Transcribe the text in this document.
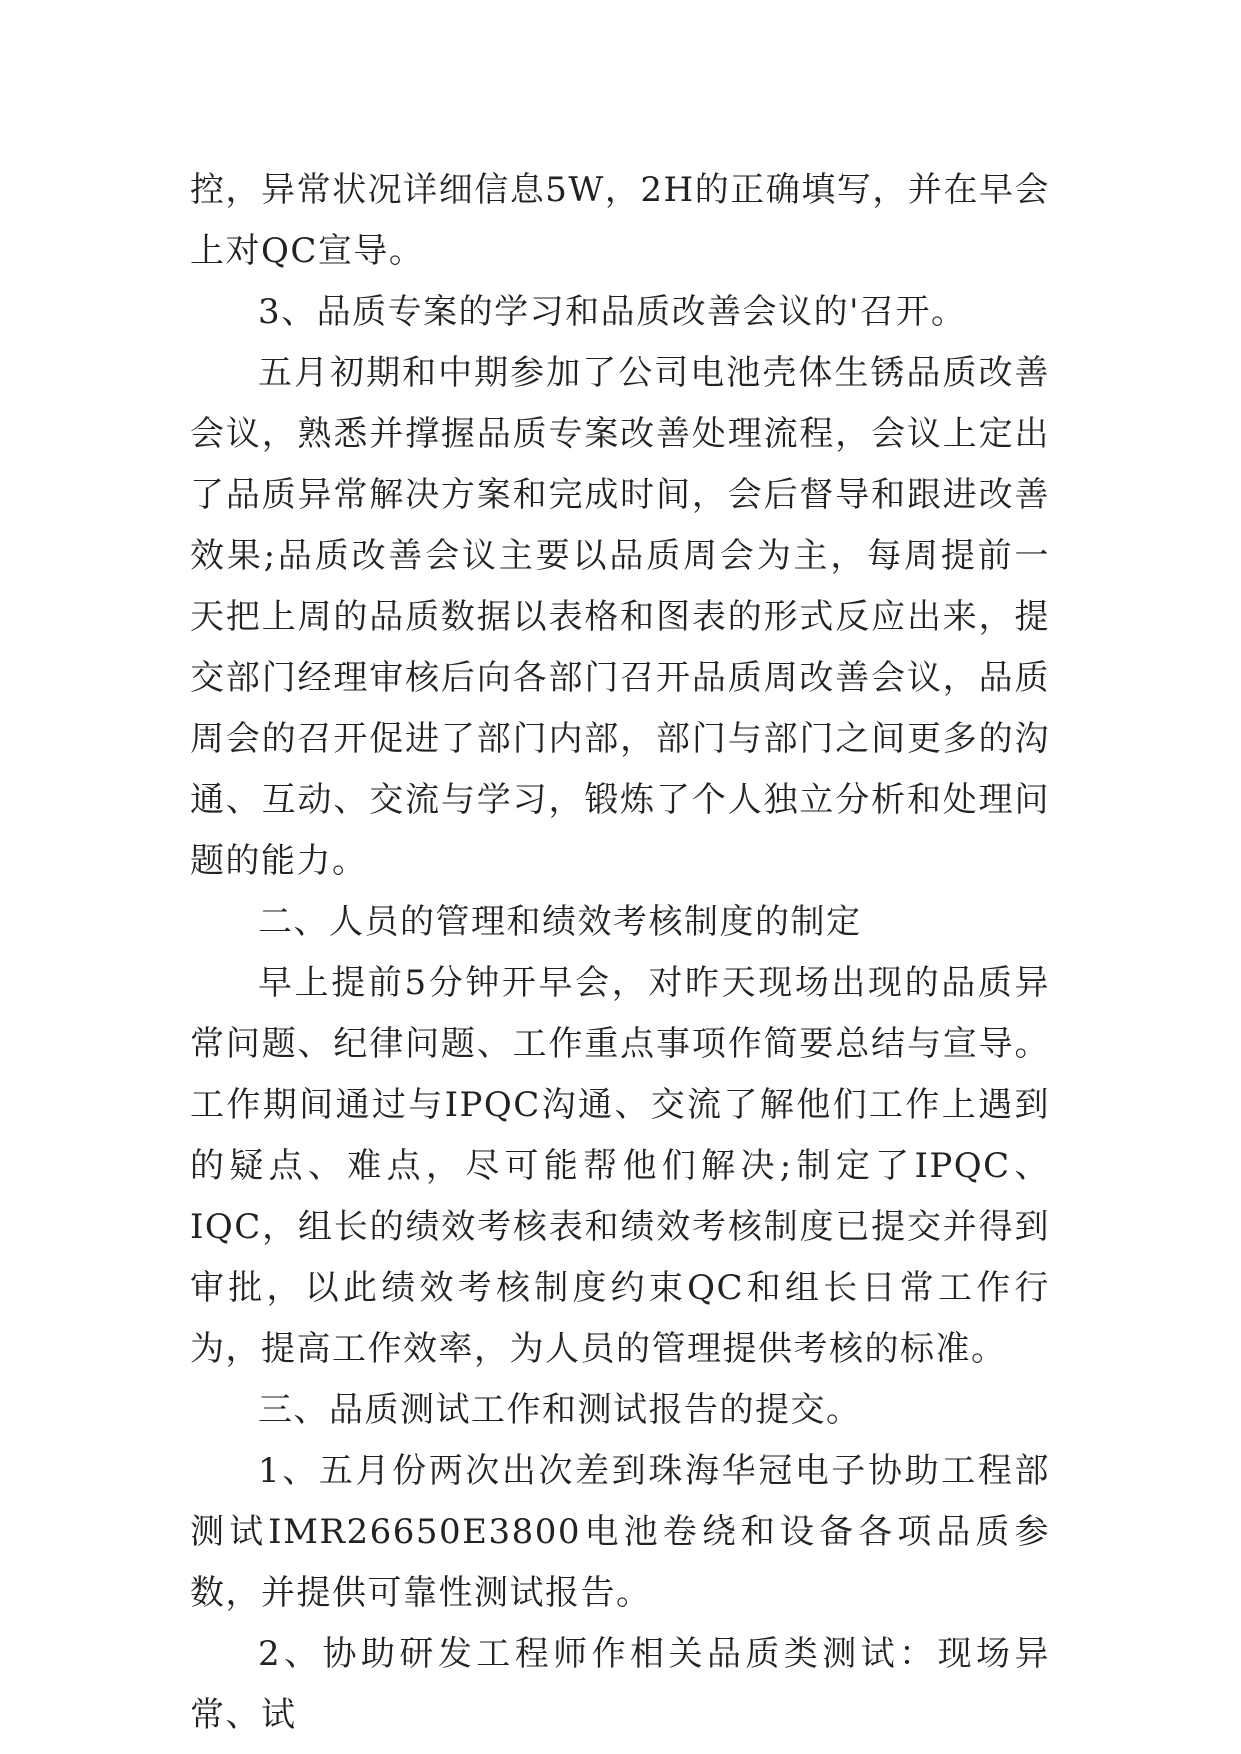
控，异常状况详细信息5W，2H的正确填写，并在早会上对QC宣导。

3、品质专案的学习和品质改善会议的'召开。

五月初期和中期参加了公司电池壳体生锈品质改善会议，熟悉并撑握品质专案改善处理流程，会议上定出了品质异常解决方案和完成时间，会后督导和跟进改善效果;品质改善会议主要以品质周会为主，每周提前一天把上周的品质数据以表格和图表的形式反应出来，提交部门经理审核后向各部门召开品质周改善会议，品质周会的召开促进了部门内部，部门与部门之间更多的沟通、互动、交流与学习，锻炼了个人独立分析和处理问题的能力。

二、人员的管理和绩效考核制度的制定

早上提前5分钟开早会，对昨天现场出现的品质异常问题、纪律问题、工作重点事项作简要总结与宣导。工作期间通过与IPQC沟通、交流了解他们工作上遇到的疑点、难点，尽可能帮他们解决;制定了IPQC、IQC，组长的绩效考核表和绩效考核制度已提交并得到审批，以此绩效考核制度约束QC和组长日常工作行为，提高工作效率，为人员的管理提供考核的标准。

三、品质测试工作和测试报告的提交。

1、五月份两次出次差到珠海华冠电子协助工程部测试IMR26650E3800电池卷绕和设备各项品质参数，并提供可靠性测试报告。

2、协助研发工程师作相关品质类测试：现场异常、试
